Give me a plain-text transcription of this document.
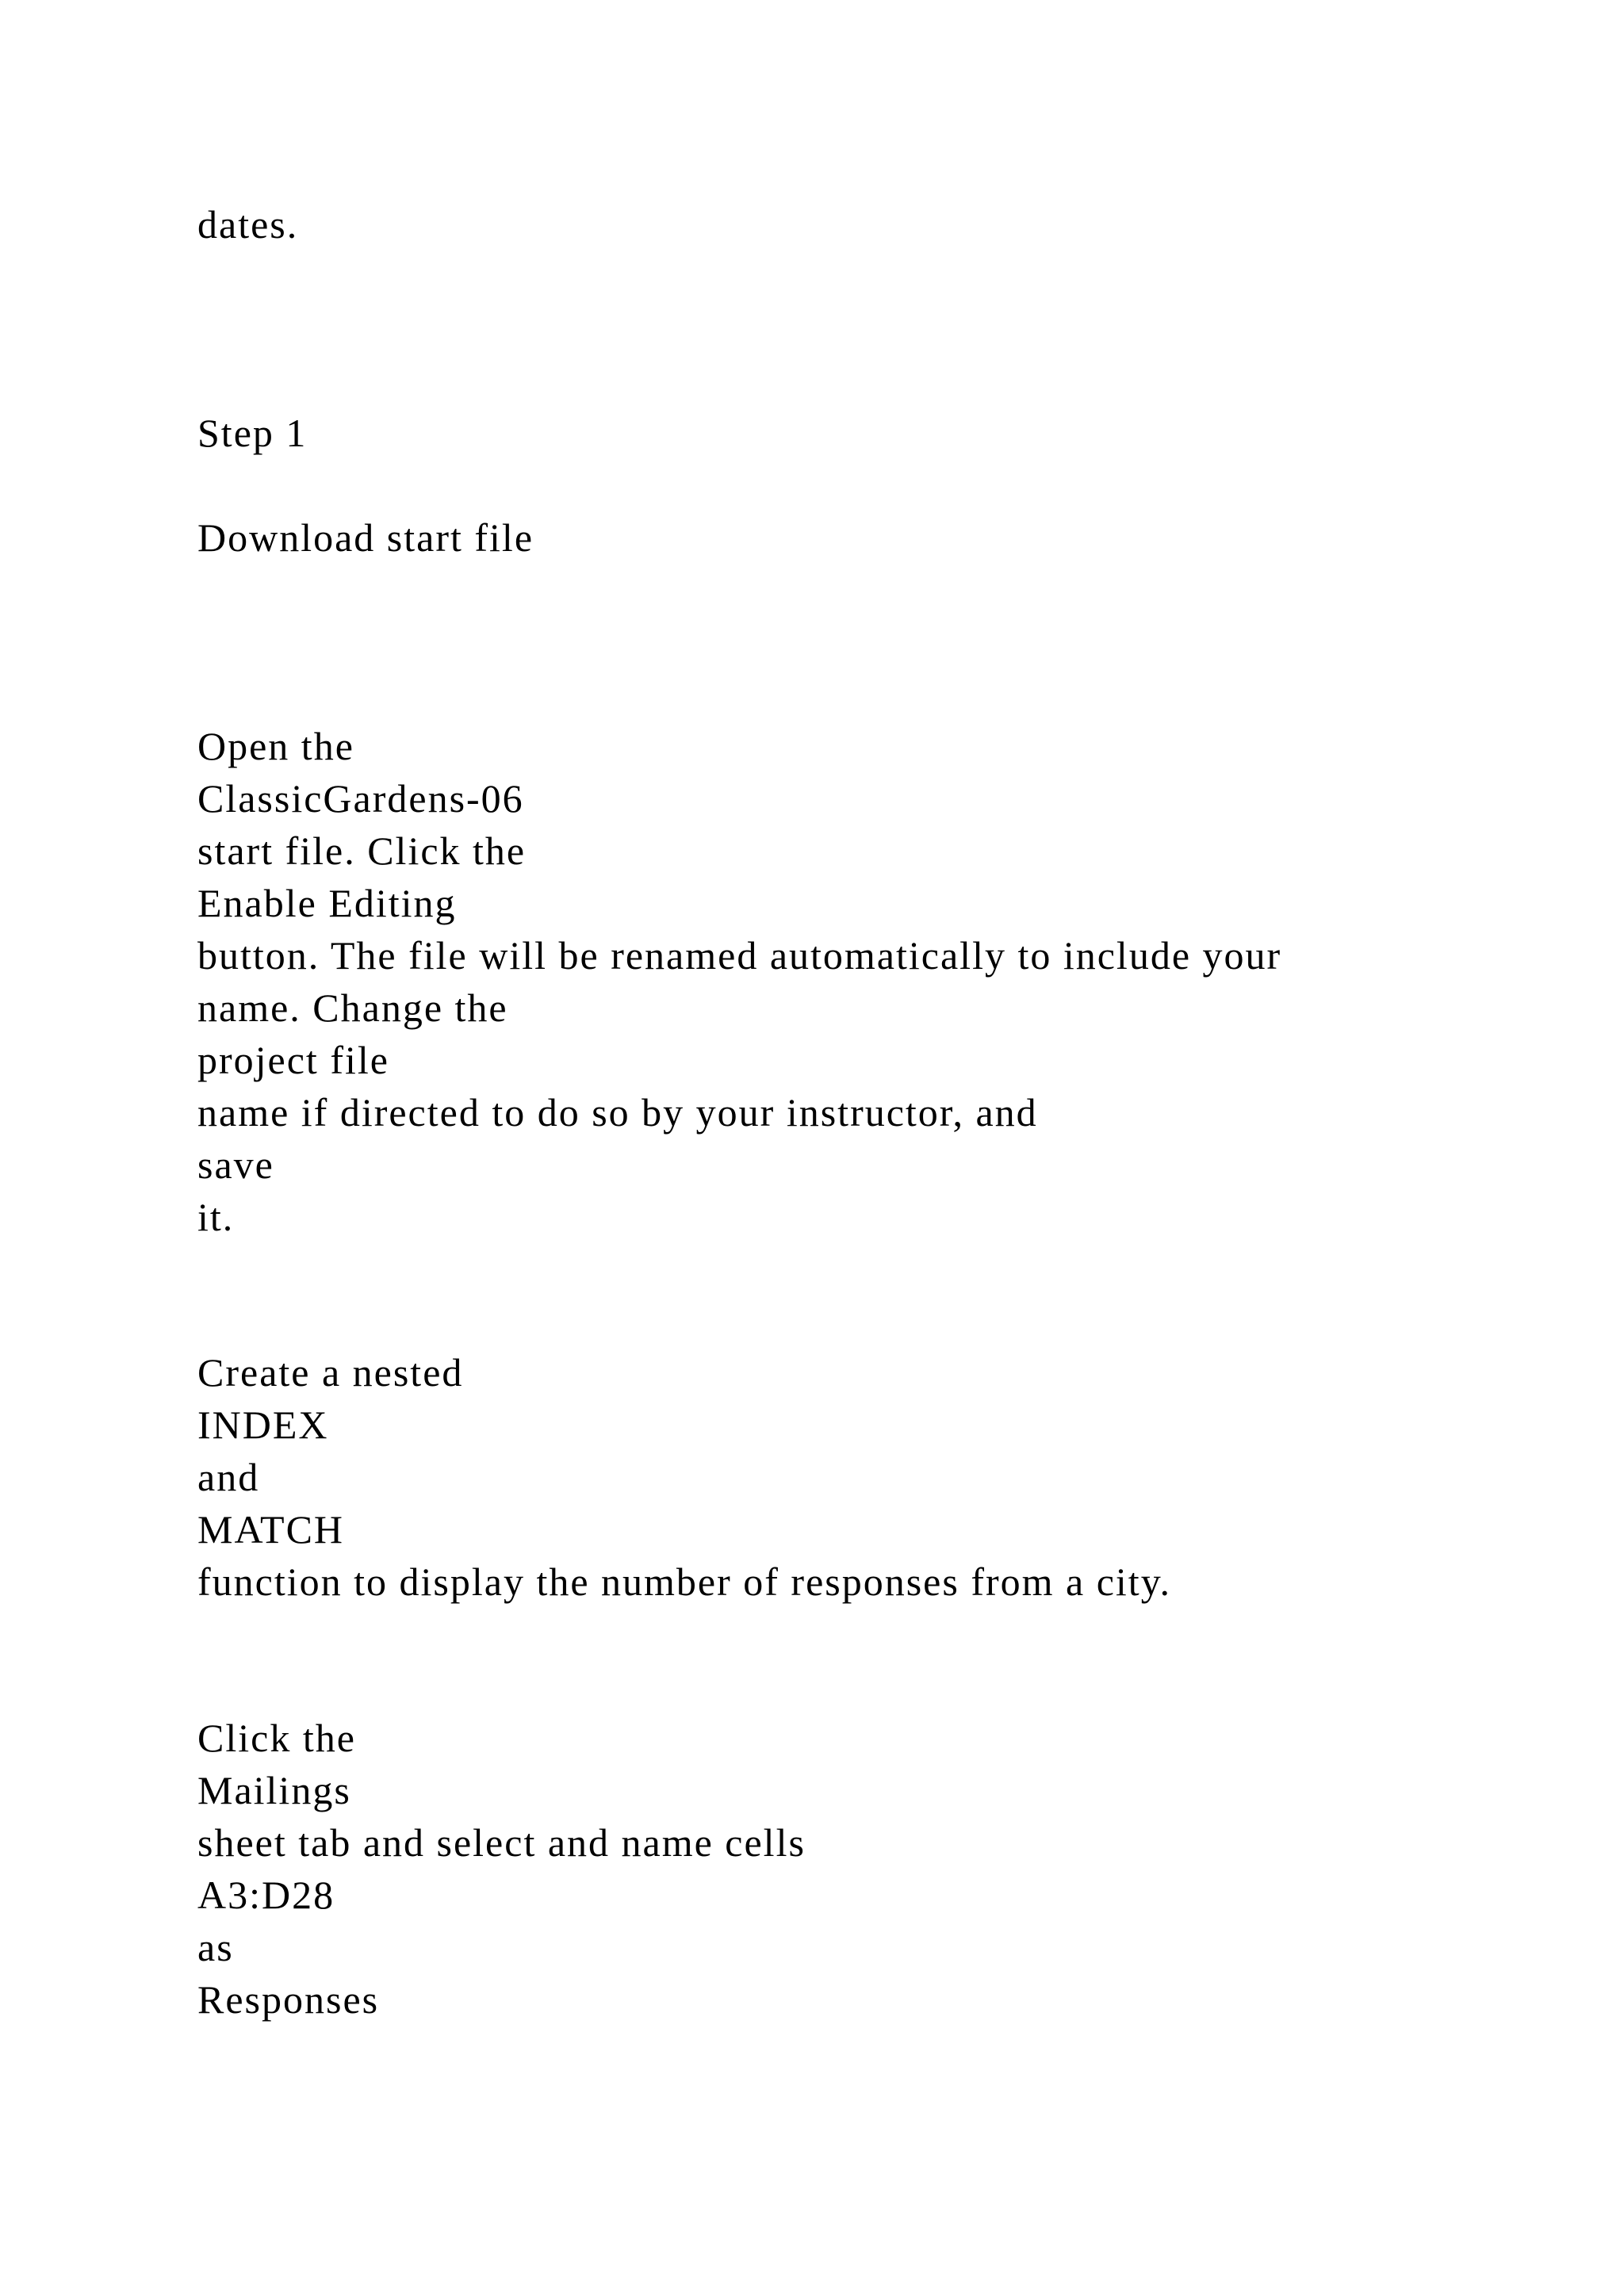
dates.

Step 1

Download start file

Open the

ClassicGardens-06

start file. Click the

Enable Editing

button. The file will be renamed automatically to include your

name. Change the

project file

name if directed to do so by your instructor, and

save

it.

Create a nested

INDEX

and

MATCH

function to display the number of responses from a city.

Click the

Mailings

sheet tab and select and name cells

A3:D28

as

Responses
